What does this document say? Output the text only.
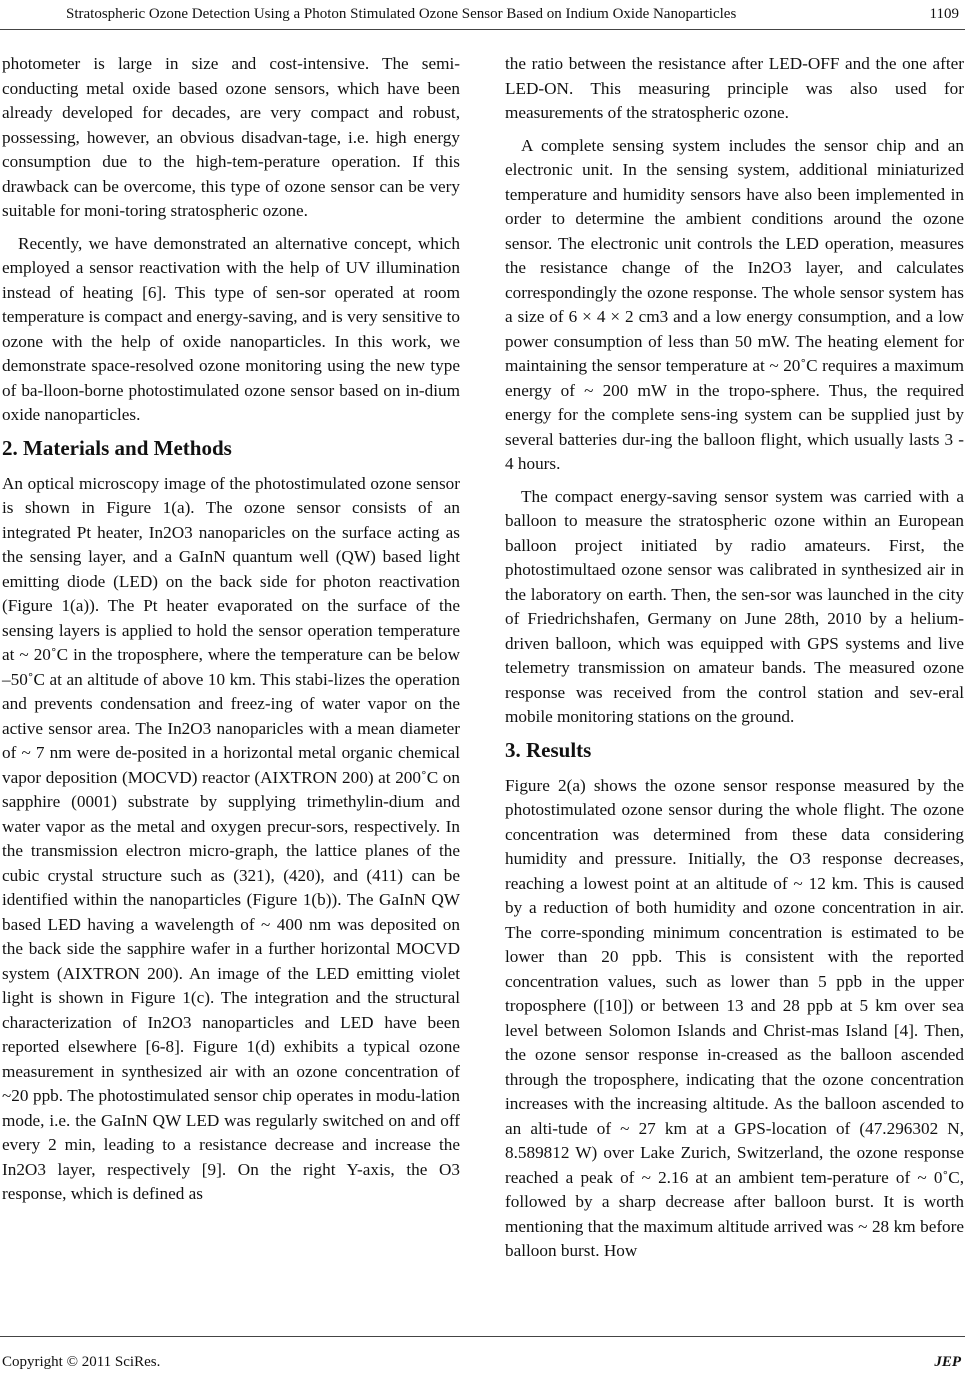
Stratospheric Ozone Detection Using a Photon Stimulated Ozone Sensor Based on Indium Oxide Nanoparticles	1109

photometer is large in size and cost-intensive. The semi-conducting metal oxide based ozone sensors, which have been already developed for decades, are very compact and robust, possessing, however, an obvious disadvan-tage, i.e. high energy consumption due to the high-tem-perature operation. If this drawback can be overcome, this type of ozone sensor can be very suitable for moni-toring stratospheric ozone.

Recently, we have demonstrated an alternative concept, which employed a sensor reactivation with the help of UV illumination instead of heating [6]. This type of sen-sor operated at room temperature is compact and energy-saving, and is very sensitive to ozone with the help of oxide nanoparticles. In this work, we demonstrate space-resolved ozone monitoring using the new type of ba-lloon-borne photostimulated ozone sensor based on in-dium oxide nanoparticles.

2. Materials and Methods

An optical microscopy image of the photostimulated ozone sensor is shown in Figure 1(a). The ozone sensor consists of an integrated Pt heater, In2O3 nanoparicles on the surface acting as the sensing layer, and a GaInN quantum well (QW) based light emitting diode (LED) on the back side for photon reactivation (Figure 1(a)). The Pt heater evaporated on the surface of the sensing layers is applied to hold the sensor operation temperature at ~ 20˚C in the troposphere, where the temperature can be below –50˚C at an altitude of above 10 km. This stabi-lizes the operation and prevents condensation and freez-ing of water vapor on the active sensor area. The In2O3 nanoparicles with a mean diameter of ~ 7 nm were de-posited in a horizontal metal organic chemical vapor deposition (MOCVD) reactor (AIXTRON 200) at 200˚C on sapphire (0001) substrate by supplying trimethylin-dium and water vapor as the metal and oxygen precur-sors, respectively. In the transmission electron micro-graph, the lattice planes of the cubic crystal structure such as (321), (420), and (411) can be identified within the nanoparticles (Figure 1(b)). The GaInN QW based LED having a wavelength of ~ 400 nm was deposited on the back side the sapphire wafer in a further horizontal MOCVD system (AIXTRON 200). An image of the LED emitting violet light is shown in Figure 1(c). The integration and the structural characterization of In2O3 nanoparticles and LED have been reported elsewhere [6-8]. Figure 1(d) exhibits a typical ozone measurement in synthesized air with an ozone concentration of ~20 ppb. The photostimulated sensor chip operates in modu-lation mode, i.e. the GaInN QW LED was regularly switched on and off every 2 min, leading to a resistance decrease and increase the In2O3 layer, respectively [9]. On the right Y-axis, the O3 response, which is defined as

the ratio between the resistance after LED-OFF and the one after LED-ON. This measuring principle was also used for measurements of the stratospheric ozone.

A complete sensing system includes the sensor chip and an electronic unit. In the sensing system, additional miniaturized temperature and humidity sensors have also been implemented in order to determine the ambient conditions around the ozone sensor. The electronic unit controls the LED operation, measures the resistance change of the In2O3 layer, and calculates correspondingly the ozone response. The whole sensor system has a size of 6 × 4 × 2 cm3 and a low energy consumption, and a low power consumption of less than 50 mW. The heating element for maintaining the sensor temperature at ~ 20˚C requires a maximum energy of ~ 200 mW in the tropo-sphere. Thus, the required energy for the complete sens-ing system can be supplied just by several batteries dur-ing the balloon flight, which usually lasts 3 - 4 hours.

The compact energy-saving sensor system was carried with a balloon to measure the stratospheric ozone within an European balloon project initiated by radio amateurs. First, the photostimultaed ozone sensor was calibrated in synthesized air in the laboratory on earth. Then, the sen-sor was launched in the city of Friedrichshafen, Germany on June 28th, 2010 by a helium-driven balloon, which was equipped with GPS systems and live telemetry transmission on amateur bands. The measured ozone response was received from the control station and sev-eral mobile monitoring stations on the ground.

3. Results

Figure 2(a) shows the ozone sensor response measured by the photostimulated ozone sensor during the whole flight. The ozone concentration was determined from these data considering humidity and pressure. Initially, the O3 response decreases, reaching a lowest point at an altitude of ~ 12 km. This is caused by a reduction of both humidity and ozone concentration in air. The corre-sponding minimum concentration is estimated to be lower than 20 ppb. This is consistent with the reported concentration values, such as lower than 5 ppb in the upper troposphere ([10]) or between 13 and 28 ppb at 5 km over sea level between Solomon Islands and Christ-mas Island [4]. Then, the ozone sensor response in-creased as the balloon ascended through the troposphere, indicating that the ozone concentration increases with the increasing altitude. As the balloon ascended to an alti-tude of ~ 27 km at a GPS-location of (47.296302 N, 8.589812 W) over Lake Zurich, Switzerland, the ozone response reached a peak of ~ 2.16 at an ambient tem-perature of ~ 0˚C, followed by a sharp decrease after balloon burst. It is worth mentioning that the maximum altitude arrived was ~ 28 km before balloon burst. How

Copyright © 2011 SciRes.	JEP
